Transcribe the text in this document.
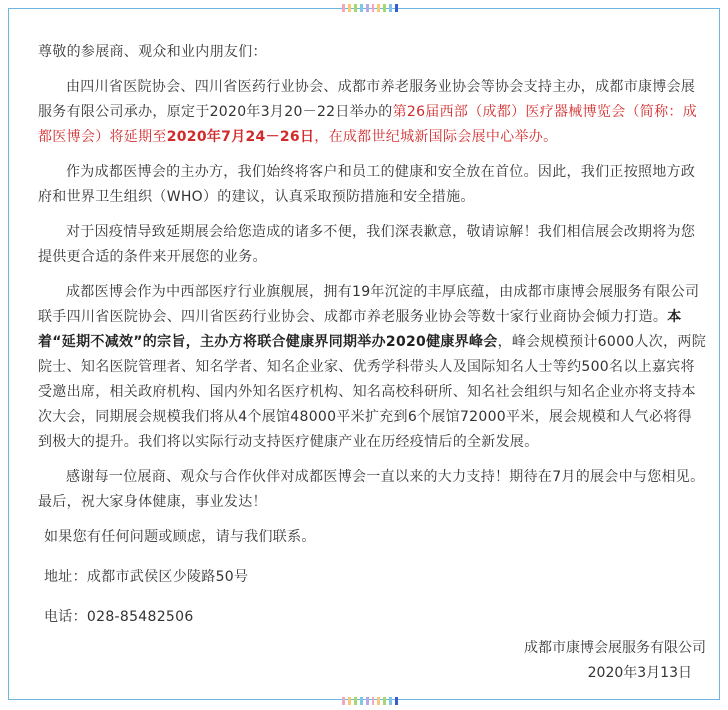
尊敬的参展商、观众和业内朋友们：

由四川省医院协会、四川省医药行业协会、成都市养老服务业协会等协会支持主办，成都市康博会展服务有限公司承办，原定于2020年3月20－22日举办的第26届西部（成都）医疗器械博览会（简称：成都医博会）将延期至2020年7月24－26日，在成都世纪城新国际会展中心举办。

作为成都医博会的主办方，我们始终将客户和员工的健康和安全放在首位。因此，我们正按照地方政府和世界卫生组织（WHO）的建议，认真采取预防措施和安全措施。

对于因疫情导致延期展会给您造成的诸多不便，我们深表歉意，敬请谅解！我们相信展会改期将为您提供更合适的条件来开展您的业务。

成都医博会作为中西部医疗行业旗舰展，拥有19年沉淀的丰厚底蕴，由成都市康博会展服务有限公司联手四川省医院协会、四川省医药行业协会、成都市养老服务业协会等数十家行业商协会倾力打造。本着“延期不减效”的宗旨，主办方将联合健康界同期举办2020健康界峰会，峰会规模预计6000人次，两院院士、知名医院管理者、知名学者、知名企业家、优秀学科带头人及国际知名人士等约500名以上嘉宾将受邀出席，相关政府机构、国内外知名医疗机构、知名高校科研所、知名社会组织与知名企业亦将支持本次大会，同期展会规模我们将从4个展馆48000平米扩充到6个展馆72000平米，展会规模和人气必将得到极大的提升。我们将以实际行动支持医疗健康产业在历经疫情后的全新发展。

感谢每一位展商、观众与合作伙伴对成都医博会一直以来的大力支持！期待在7月的展会中与您相见。最后，祝大家身体健康，事业发达！

如果您有任何问题或顾虑，请与我们联系。

地址：成都市武侯区少陵路50号

电话：028-85482506

成都市康博会展服务有限公司
2020年3月13日
